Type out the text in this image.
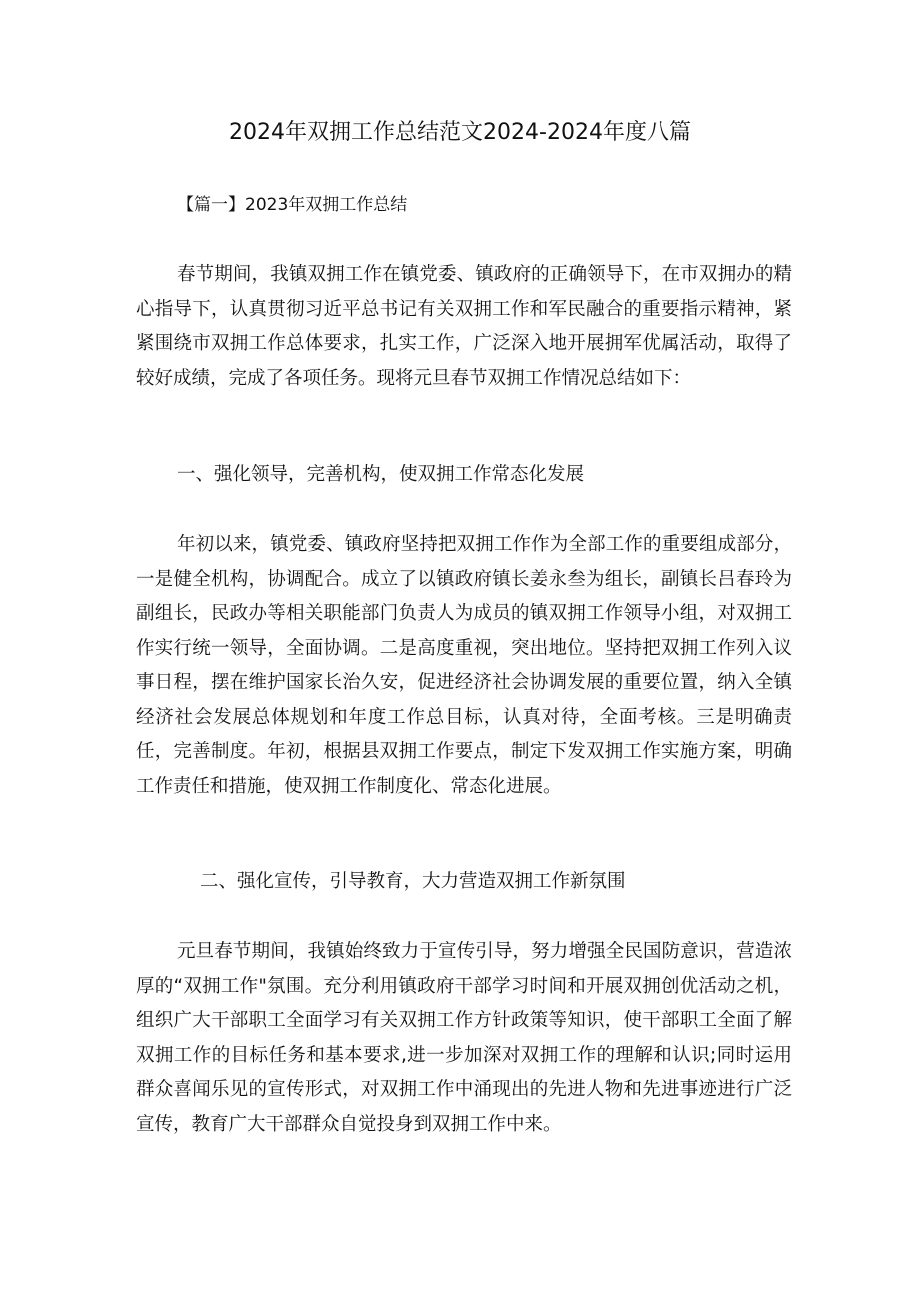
2024年双拥工作总结范文2024-2024年度八篇

【篇一】2023年双拥工作总结

春节期间，我镇双拥工作在镇党委、镇政府的正确领导下，在市双拥办的精心指导下，认真贯彻习近平总书记有关双拥工作和军民融合的重要指示精神，紧紧围绕市双拥工作总体要求，扎实工作，广泛深入地开展拥军优属活动，取得了较好成绩，完成了各项任务。现将元旦春节双拥工作情况总结如下：

一、强化领导，完善机构，使双拥工作常态化发展

年初以来，镇党委、镇政府坚持把双拥工作作为全部工作的重要组成部分，一是健全机构，协调配合。成立了以镇政府镇长姜永叁为组长，副镇长吕春玲为副组长，民政办等相关职能部门负责人为成员的镇双拥工作领导小组，对双拥工作实行统一领导，全面协调。二是高度重视，突出地位。坚持把双拥工作列入议事日程，摆在维护国家长治久安，促进经济社会协调发展的重要位置，纳入全镇经济社会发展总体规划和年度工作总目标，认真对待，全面考核。三是明确责任，完善制度。年初，根据县双拥工作要点，制定下发双拥工作实施方案，明确工作责任和措施，使双拥工作制度化、常态化进展。

二、强化宣传，引导教育，大力营造双拥工作新氛围

元旦春节期间，我镇始终致力于宣传引导，努力增强全民国防意识，营造浓厚的“双拥工作"氛围。充分利用镇政府干部学习时间和开展双拥创优活动之机，组织广大干部职工全面学习有关双拥工作方针政策等知识，使干部职工全面了解双拥工作的目标任务和基本要求,进一步加深对双拥工作的理解和认识;同时运用群众喜闻乐见的宣传形式，对双拥工作中涌现出的先进人物和先进事迹进行广泛宣传，教育广大干部群众自觉投身到双拥工作中来。
